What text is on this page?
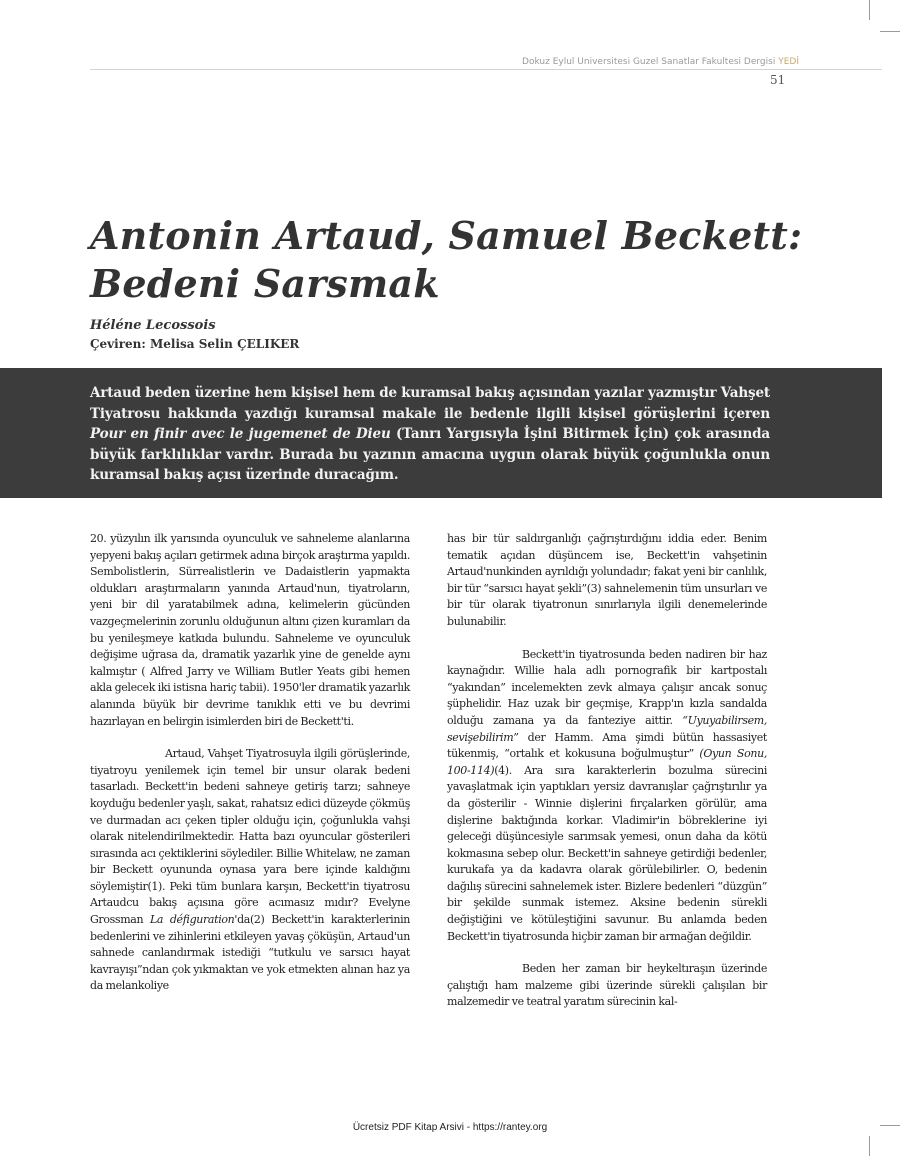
Dokuz Eylul Universitesi Guzel Sanatlar Fakultesi Dergisi YEDİ
51
Antonin Artaud, Samuel Beckett:
Bedeni Sarsmak
Héléne Lecossois
Çeviren: Melisa Selin ÇELIKER

Artaud beden üzerine hem kişisel hem de kuramsal bakış açısından yazılar yazmıştır Vahşet Tiyatrosu hakkında yazdığı kuramsal makale ile bedenle ilgili kişisel görüşlerini içeren Pour en finir avec le jugemenet de Dieu (Tanrı Yargısıyla İşini Bitirmek İçin) çok arasında büyük farklılıklar vardır. Burada bu yazının amacına uygun olarak büyük çoğunlukla onun kuramsal bakış açısı üzerinde duracağım.

20. yüzyılın ilk yarısında oyunculuk ve sahneleme alanlarına yepyeni bakış açıları getirmek adına birçok araştırma yapıldı. Sembolistlerin, Sürrealistlerin ve Dadaistlerin yapmakta oldukları araştırmaların yanında Artaud'nun, tiyatroların, yeni bir dil yaratabilmek adına, kelimelerin gücünden vazgeçmelerinin zorunlu olduğunun altını çizen kuramları da bu yenileşmeye katkıda bulundu. Sahneleme ve oyunculuk değişime uğrasa da, dramatik yazarlık yine de genelde aynı kalmıştır ( Alfred Jarry ve William Butler Yeats gibi hemen akla gelecek iki istisna hariç tabii). 1950'ler dramatik yazarlık alanında büyük bir devrime tanıklık etti ve bu devrimi hazırlayan en belirgin isimlerden biri de Beckett'ti.

Artaud, Vahşet Tiyatrosuyla ilgili görüşlerinde, tiyatroyu yenilemek için temel bir unsur olarak bedeni tasarladı. Beckett'in bedeni sahneye getiriş tarzı; sahneye koyduğu bedenler yaşlı, sakat, rahatsız edici düzeyde çökmüş ve durmadan acı çeken tipler olduğu için, çoğunlukla vahşi olarak nitelendirilmektedir. Hatta bazı oyuncular gösterileri sırasında acı çektiklerini söylediler. Billie Whitelaw, ne zaman bir Beckett oyununda oynasa yara bere içinde kaldığını söylemiştir(1). Peki tüm bunlara karşın, Beckett'in tiyatrosu Artaudcu bakış açısına göre acımasız mıdır? Evelyne Grossman La défiguration'da(2) Beckett'in karakterlerinin bedenlerini ve zihinlerini etkileyen yavaş çöküşün, Artaud'un sahnede canlandırmak istediği “tutkulu ve sarsıcı hayat kavrayışı”ndan çok yıkmaktan ve yok etmekten alınan haz ya da melankoliye

has bir tür saldırganlığı çağrıştırdığını iddia eder. Benim tematik açıdan düşüncem ise, Beckett'in vahşetinin Artaud'nunkinden ayrıldığı yolundadır; fakat yeni bir canlılık, bir tür “sarsıcı hayat şekli”(3) sahnelemenin tüm unsurları ve bir tür olarak tiyatronun sınırlarıyla ilgili denemelerinde bulunabilir.

Beckett'in tiyatrosunda beden nadiren bir haz kaynağıdır. Willie hala adlı pornografik bir kartpostalı “yakından” incelemekten zevk almaya çalışır ancak sonuç şüphelidir. Haz uzak bir geçmişe, Krapp'ın kızla sandalda olduğu zamana ya da fanteziye aittir. “Uyuyabilirsem, sevişebilirim” der Hamm. Ama şimdi bütün hassasiyet tükenmiş, “ortalık et kokusuna boğulmuştur” (Oyun Sonu, 100-114)(4). Ara sıra karakterlerin bozulma sürecini yavaşlatmak için yaptıkları yersiz davranışlar çağrıştırılır ya da gösterilir - Winnie dişlerini fırçalarken görülür, ama dişlerine baktığında korkar. Vladimir'in böbreklerine iyi geleceği düşüncesiyle sarımsak yemesi, onun daha da kötü kokmasına sebep olur. Beckett'in sahneye getirdiği bedenler, kurukafa ya da kadavra olarak görülebilirler. O, bedenin dağılış sürecini sahnelemek ister. Bizlere bedenleri “düzgün” bir şekilde sunmak istemez. Aksine bedenin sürekli değiştiğini ve kötüleştiğini savunur. Bu anlamda beden Beckett'in tiyatrosunda hiçbir zaman bir armağan değildir.

Beden her zaman bir heykeltıraşın üzerinde çalıştığı ham malzeme gibi üzerinde sürekli çalışılan bir malzemedir ve teatral yaratım sürecinin kal-

Ücretsiz PDF Kitap Arsivi - https://rantey.org
